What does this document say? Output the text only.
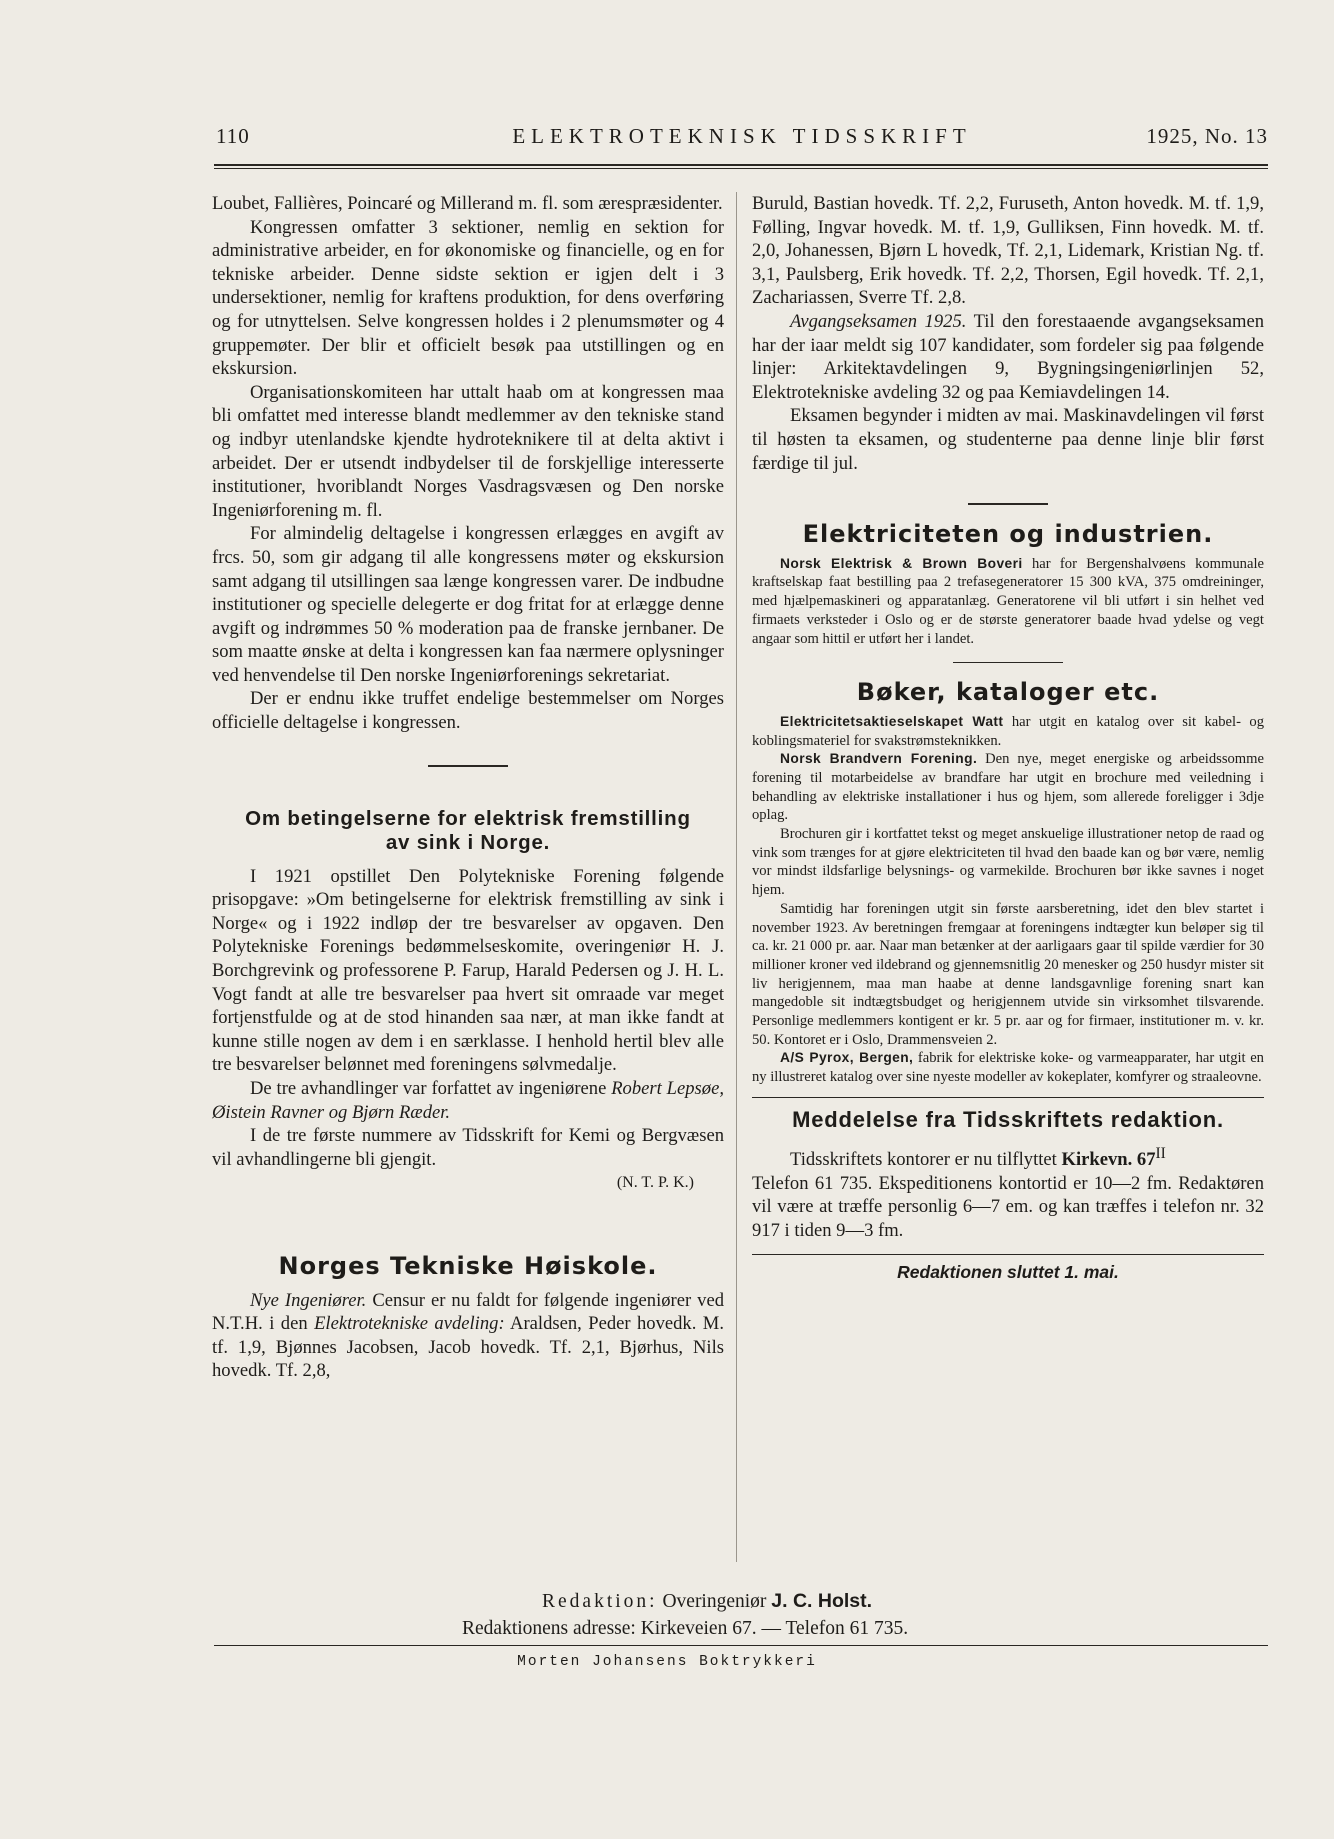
110	ELEKTROTEKNISK TIDSSKRIFT	1925, No. 13

Loubet, Fallières, Poincaré og Millerand m. fl. som ærespræsidenter.

Kongressen omfatter 3 sektioner, nemlig en sektion for administrative arbeider, en for økonomiske og financielle, og en for tekniske arbeider. Denne sidste sektion er igjen delt i 3 undersektioner, nemlig for kraftens produktion, for dens overføring og for utnyttelsen. Selve kongressen holdes i 2 plenumsmøter og 4 gruppemøter. Der blir et officielt besøk paa utstillingen og en ekskursion.

Organisationskomiteen har uttalt haab om at kongressen maa bli omfattet med interesse blandt medlemmer av den tekniske stand og indbyr utenlandske kjendte hydroteknikere til at delta aktivt i arbeidet. Der er utsendt indbydelser til de forskjellige interesserte institutioner, hvoriblandt Norges Vasdragsvæsen og Den norske Ingeniørforening m. fl.

For almindelig deltagelse i kongressen erlægges en avgift av frcs. 50, som gir adgang til alle kongressens møter og ekskursion samt adgang til utsillingen saa længe kongressen varer. De indbudne institutioner og specielle delegerte er dog fritat for at erlægge denne avgift og indrømmes 50 % moderation paa de franske jernbaner. De som maatte ønske at delta i kongressen kan faa nærmere oplysninger ved henvendelse til Den norske Ingeniørforenings sekretariat.

Der er endnu ikke truffet endelige bestemmelser om Norges officielle deltagelse i kongressen.

Om betingelserne for elektrisk fremstilling
av sink i Norge.

I 1921 opstillet Den Polytekniske Forening følgende prisopgave: »Om betingelserne for elektrisk fremstilling av sink i Norge« og i 1922 indløp der tre besvarelser av opgaven. Den Polytekniske Forenings bedømmelseskomite, overingeniør H. J. Borchgrevink og professorene P. Farup, Harald Pedersen og J. H. L. Vogt fandt at alle tre besvarelser paa hvert sit omraade var meget fortjenstfulde og at de stod hinanden saa nær, at man ikke fandt at kunne stille nogen av dem i en særklasse. I henhold hertil blev alle tre besvarelser belønnet med foreningens sølvmedalje.

De tre avhandlinger var forfattet av ingeniørene Robert Lepsøe, Øistein Ravner og Bjørn Ræder.

I de tre første nummere av Tidsskrift for Kemi og Bergvæsen vil avhandlingerne bli gjengit.

(N. T. P. K.)
Norges Tekniske Høiskole.

Nye Ingeniører. Censur er nu faldt for følgende ingeniører ved N.T.H. i den Elektrotekniske avdeling: Araldsen, Peder hovedk. M. tf. 1,9, Bjønnes Jacobsen, Jacob hovedk. Tf. 2,1, Bjørhus, Nils hovedk. Tf. 2,8,

Buruld, Bastian hovedk. Tf. 2,2, Furuseth, Anton hovedk. M. tf. 1,9, Følling, Ingvar hovedk. M. tf. 1,9, Gulliksen, Finn hovedk. M. tf. 2,0, Johanessen, Bjørn L hovedk, Tf. 2,1, Lidemark, Kristian Ng. tf. 3,1, Paulsberg, Erik hovedk. Tf. 2,2, Thorsen, Egil hovedk. Tf. 2,1, Zachariassen, Sverre Tf. 2,8.

Avgangseksamen 1925. Til den forestaaende avgangseksamen har der iaar meldt sig 107 kandidater, som fordeler sig paa følgende linjer: Arkitektavdelingen 9, Bygningsingeniørlinjen 52, Elektrotekniske avdeling 32 og paa Kemiavdelingen 14.

Eksamen begynder i midten av mai. Maskinavdelingen vil først til høsten ta eksamen, og studenterne paa denne linje blir først færdige til jul.

Elektriciteten og industrien.

Norsk Elektrisk & Brown Boveri har for Bergenshalvøens kommunale kraftselskap faat bestilling paa 2 trefasegeneratorer 15 300 kVA, 375 omdreininger, med hjælpemaskineri og apparatanlæg. Generatorene vil bli utført i sin helhet ved firmaets verksteder i Oslo og er de største generatorer baade hvad ydelse og vegt angaar som hittil er utført her i landet.

Bøker, kataloger etc.

Elektricitetsaktieselskapet Watt har utgit en katalog over sit kabel- og koblingsmateriel for svakstrømsteknikken.

Norsk Brandvern Forening. Den nye, meget energiske og arbeidssomme forening til motarbeidelse av brandfare har utgit en brochure med veiledning i behandling av elektriske installationer i hus og hjem, som allerede foreligger i 3dje oplag.

Brochuren gir i kortfattet tekst og meget anskuelige illustrationer netop de raad og vink som trænges for at gjøre elektriciteten til hvad den baade kan og bør være, nemlig vor mindst ildsfarlige belysnings- og varmekilde. Brochuren bør ikke savnes i noget hjem.

Samtidig har foreningen utgit sin første aarsberetning, idet den blev startet i november 1923. Av beretningen fremgaar at foreningens indtægter kun beløper sig til ca. kr. 21 000 pr. aar. Naar man betænker at der aarligaars gaar til spilde værdier for 30 millioner kroner ved ildebrand og gjennemsnitlig 20 menesker og 250 husdyr mister sit liv herigjennem, maa man haabe at denne landsgavnlige forening snart kan mangedoble sit indtægtsbudget og herigjennem utvide sin virksomhet tilsvarende. Personlige medlemmers kontigent er kr. 5 pr. aar og for firmaer, institutioner m. v. kr. 50. Kontoret er i Oslo, Drammensveien 2.

A/S Pyrox, Bergen, fabrik for elektriske koke- og varmeapparater, har utgit en ny illustreret katalog over sine nyeste modeller av kokeplater, komfyrer og straaleovne.

Meddelelse fra Tidsskriftets redaktion.

Tidsskriftets kontorer er nu tilflyttet Kirkevn. $67^{II}$

Telefon 61 735. Ekspeditionens kontortid er 10—2 fm. Redaktøren vil være at træffe personlig 6—7 em. og kan træffes i telefon nr. 32 917 i tiden 9—3 fm.

Redaktionen sluttet 1. mai.
Redaktion: Overingeniør J. C. Holst.
Redaktionens adresse: Kirkeveien 67. — Telefon 61 735.
Morten Johansens Boktrykkeri
